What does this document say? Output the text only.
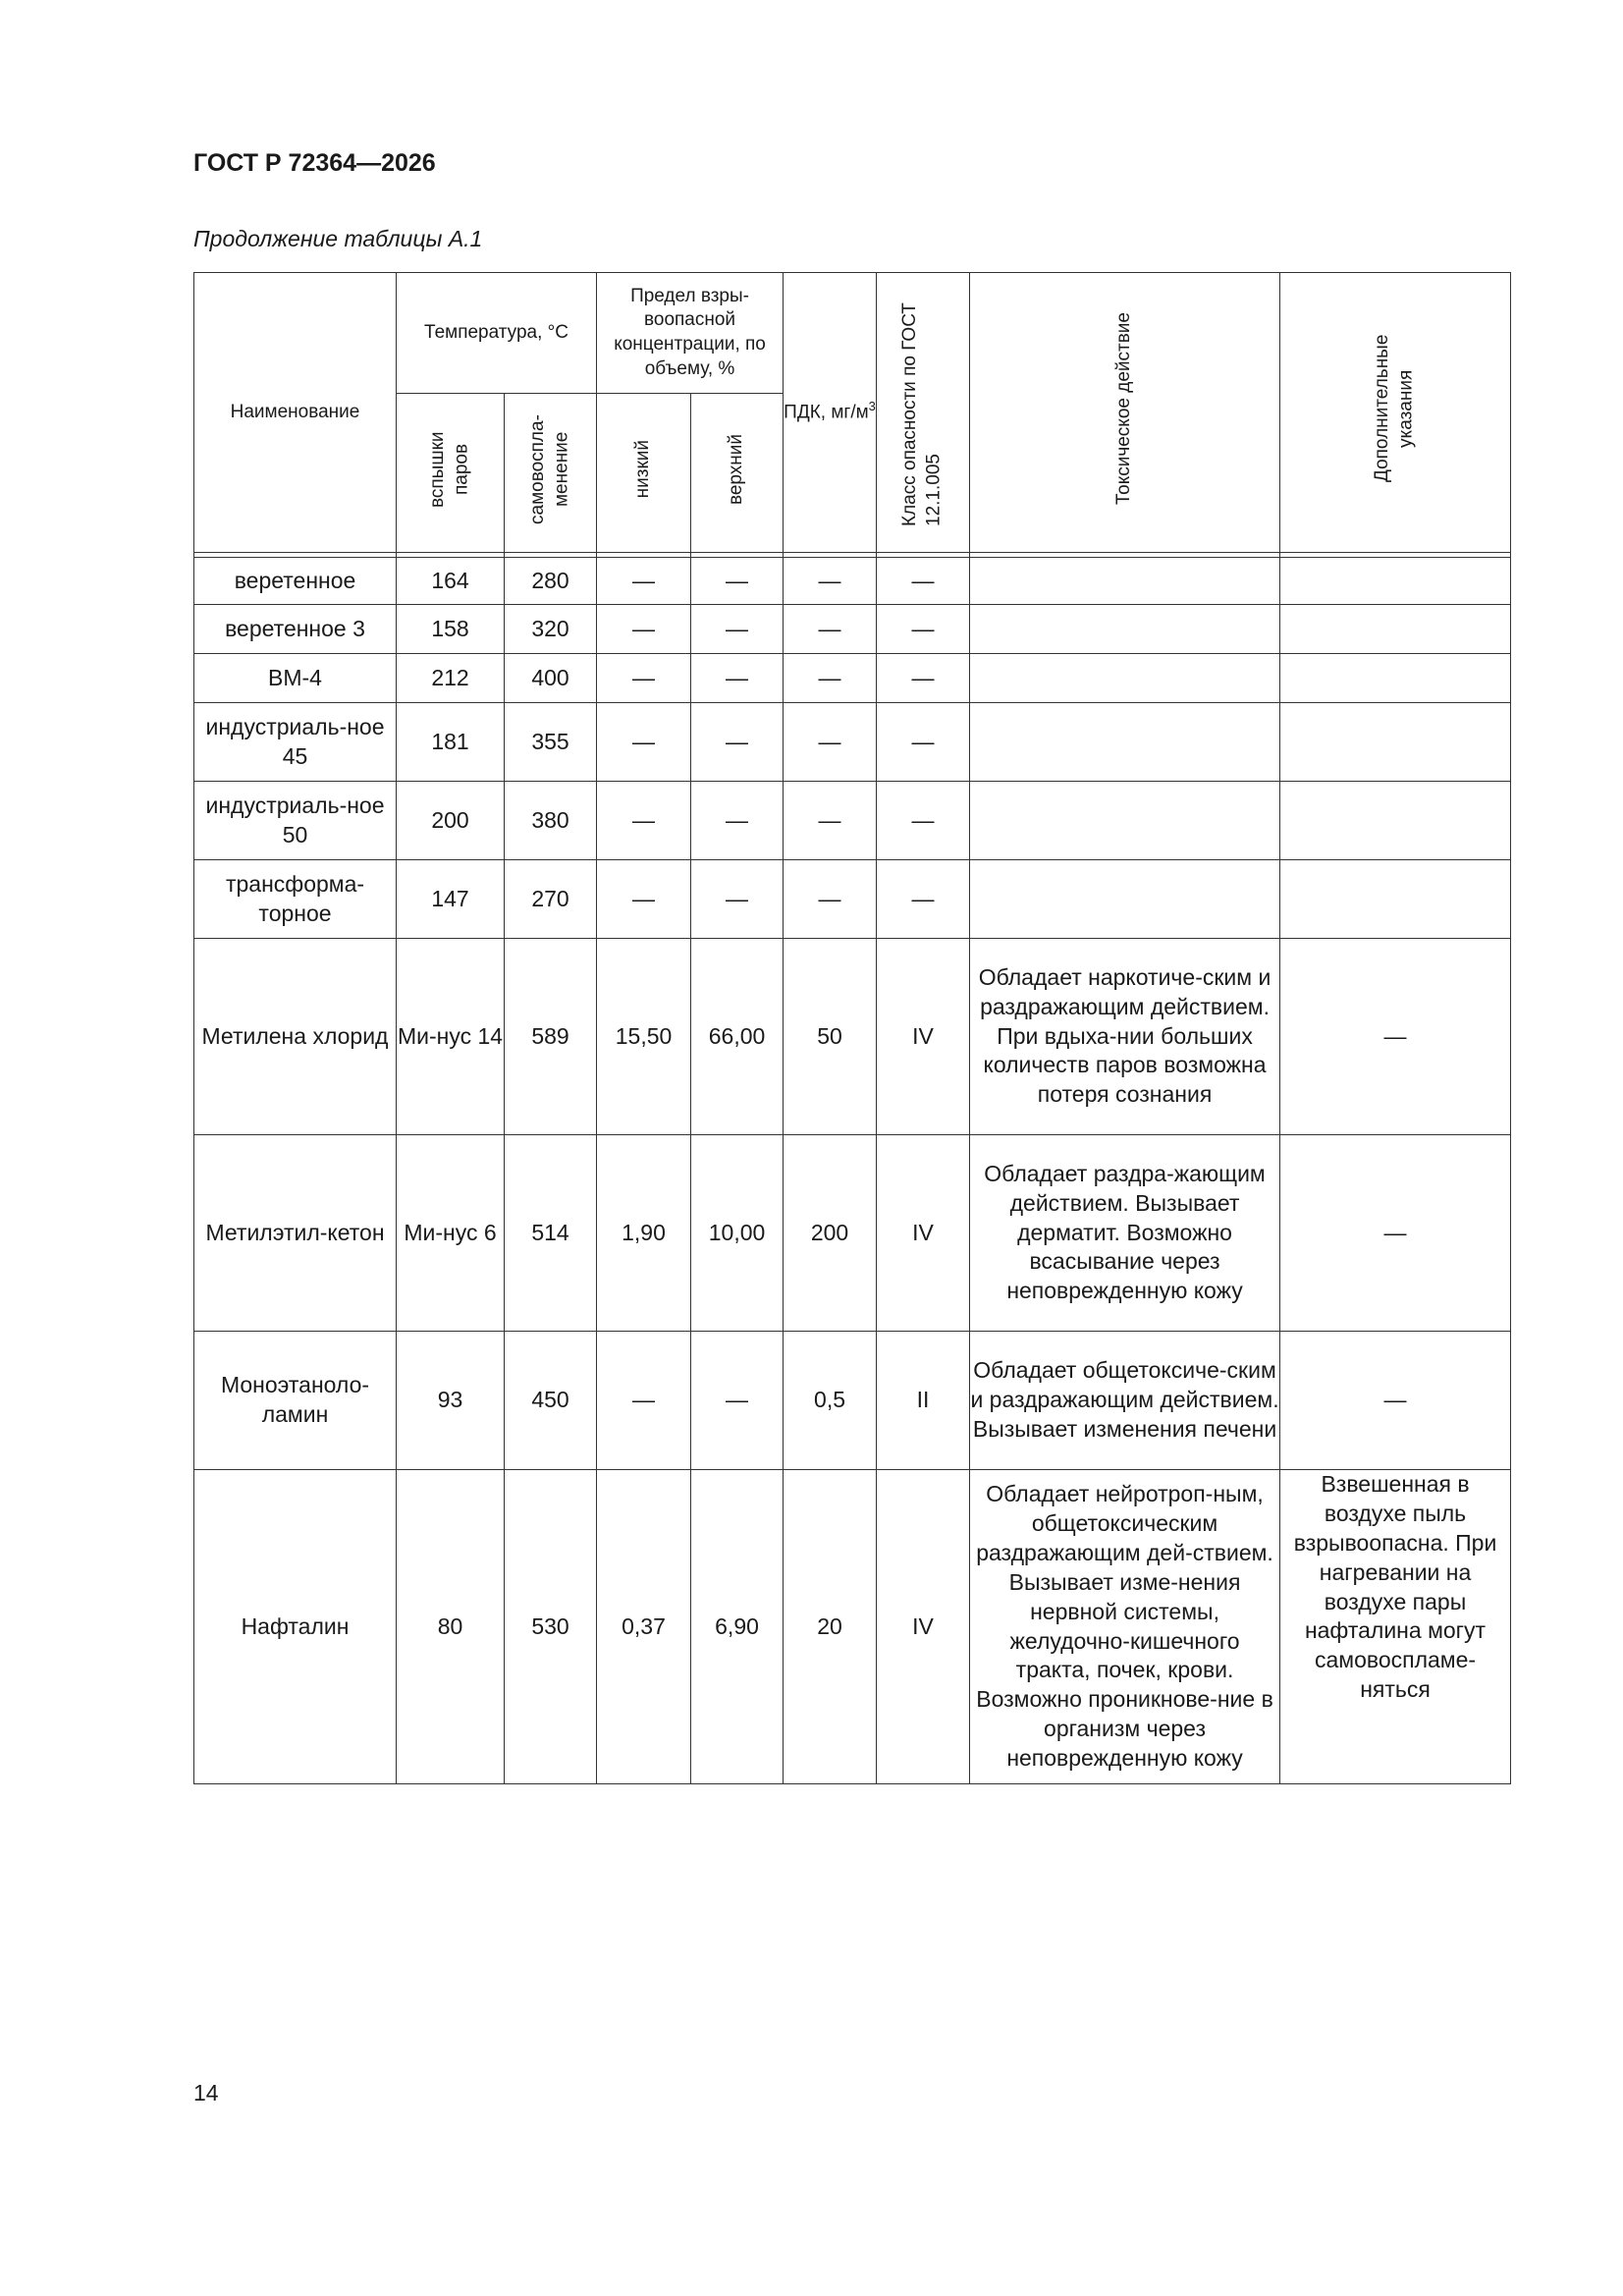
ГОСТ Р 72364—2026
Продолжение таблицы А.1
Наименование	Температура, °С		Предел взры-воопасной концентрации, по объему, %		ПДК, $мг/м^3$	Класс опасности по ГОСТ 12.1.005	Токсическое действие	Дополнительные указания
	вспышки паров	самовоспла-менение	низкий	верхний				

веретенное	164	280	—	—	—	—		
веретенное 3	158	320	—	—	—	—		
ВМ-4	212	400	—	—	—	—		
индустриаль-ное 45	181	355	—	—	—	—		
индустриаль-ное 50	200	380	—	—	—	—		
трансформа-торное	147	270	—	—	—	—		
Метилена хлорид	Ми-нус 14	589	15,50	66,00	50	IV	Обладает наркотиче-ским и раздражающим действием. При вдыха-нии больших количеств паров возможна потеря сознания	—
Метилэтил-кетон	Ми-нус 6	514	1,90	10,00	200	IV	Обладает раздра-жающим действием. Вызывает дерматит. Возможно всасывание через неповрежденную кожу	—
Моноэтаноло-ламин	93	450	—	—	0,5	II	Обладает общетоксиче-ским и раздражающим действием. Вызывает изменения печени	—
Нафталин	80	530	0,37	6,90	20	IV	Обладает нейротроп-ным, общетоксическим раздражающим дей-ствием. Вызывает изме-нения нервной системы, желудочно-кишечного тракта, почек, крови. Возможно проникнове-ние в организм через неповрежденную кожу	Взвешенная в воздухе пыль взрывоопасна. При нагревании на воздухе пары нафталина могут самовоспламе-няться
14
